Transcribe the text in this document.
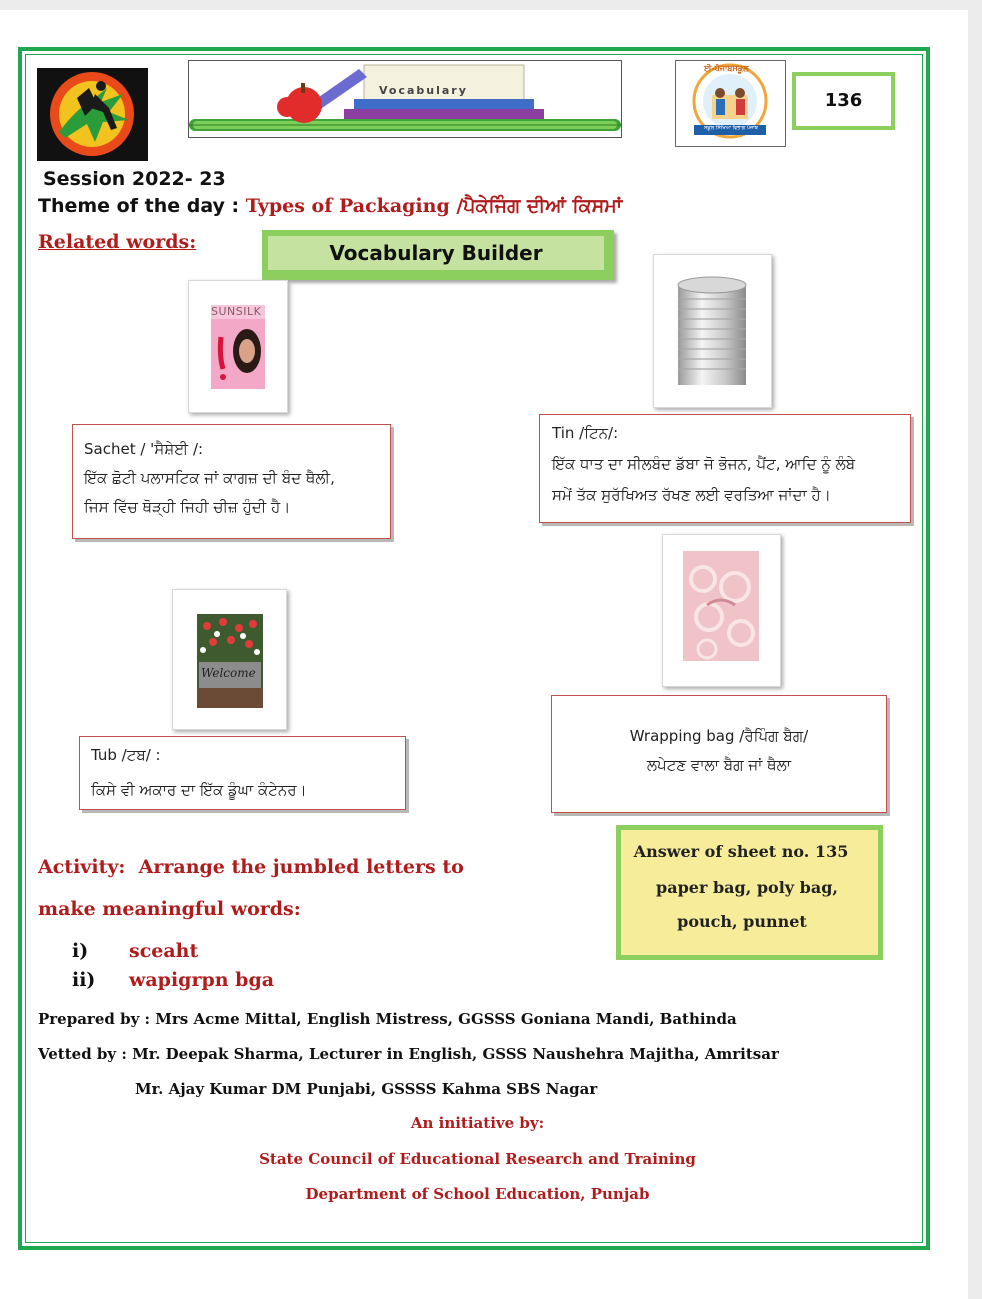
Vocabulary
ਈ-ਪੰਜਾਬਸਕੂਲ
ਸਕੂਲ ਸਿੱਖਿਆ ਵਿਭਾਗ ਪੰਜਾਬ
136
Session 2022- 23
Theme of the day : Types of Packaging /ਪੈਕੇਜਿੰਗ ਦੀਆਂ ਕਿਸਮਾਂ
Related words:	Vocabulary Builder
SUNSILK
Sachet / 'ਸੈਸ਼ੇਈ /:
ਇੱਕ ਛੋਟੀ ਪਲਾਸਟਿਕ ਜਾਂ ਕਾਗਜ਼ ਦੀ ਬੰਦ ਥੈਲੀ,
ਜਿਸ ਵਿੱਚ ਥੋੜ੍ਹੀ ਜਿਹੀ ਚੀਜ਼ ਹੁੰਦੀ ਹੈ।
Tin /ਟਿਨ/:
ਇੱਕ ਧਾਤ ਦਾ ਸੀਲਬੰਦ ਡੱਬਾ ਜੋ ਭੋਜਨ, ਪੈਂਟ, ਆਦਿ ਨੂੰ ਲੰਬੇ
ਸਮੇਂ ਤੱਕ ਸੁਰੱਖਿਅਤ ਰੱਖਣ ਲਈ ਵਰਤਿਆ ਜਾਂਦਾ ਹੈ।
Welcome
Wrapping bag /ਰੈਪਿੰਗ ਬੈਗ/
ਲਪੇਟਣ ਵਾਲਾ ਬੈਗ ਜਾਂ ਥੈਲਾ
Tub /ਟਬ/ :
ਕਿਸੇ ਵੀ ਅਕਾਰ ਦਾ ਇੱਕ ਡੂੰਘਾ ਕੰਟੇਨਰ।
Answer of sheet no. 135
paper bag, poly bag,
pouch, punnet
Activity:  Arrange the jumbled letters to
make meaningful words:
i) sceaht
ii) wapigrpn bga
Prepared by : Mrs Acme Mittal, English Mistress, GGSSS Goniana Mandi, Bathinda
Vetted by : Mr. Deepak Sharma, Lecturer in English, GSSS Naushehra Majitha, Amritsar
Mr. Ajay Kumar DM Punjabi, GSSSS Kahma SBS Nagar
An initiative by:
State Council of Educational Research and Training
Department of School Education, Punjab
